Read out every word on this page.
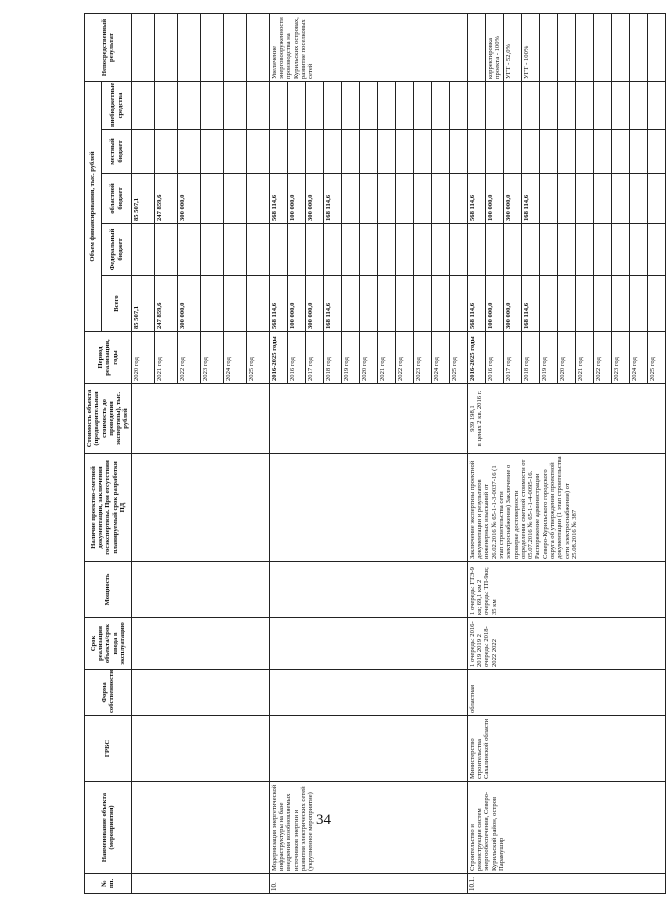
34
№ пп.	Наименование объекта (мероприятия)	ГРБС	Форма собственности	Срок реализации объекта/срок ввода в эксплуатацию	Мощность	Наличие проектно-сметной документации, заключения госэкспертизы. При отсутствии планируемый срок разработки ПД	Стоимость объекта (предварительная стоимость до проведения экспертизы), тыс. рублей	Период реализации, годы	Объем финансирования, тыс. рублей					Непосредственный результат
									Всего	Федеральный бюджет	областной бюджет	местный бюджет	внебюджетные средства	
								2020 год	85 507,1		85 507,1			
								2021 год	247 859,6		247 859,6			
								2022 год	300 000,0		300 000,0			
								2023 год						
								2024 год						
								2025 год						
10.	Модернизация энергетической инфраструктуры на базе внедрения возобновляемых источников энергии и развития электрических сетей (укрупненное мероприятие)							2016-2025 годы	568 114,6		568 114,6			Увеличение энерговооруженности производства на Курильских островах, развитие поселковых сетей
								2016 год	100 000,0		100 000,0			
								2017 год	300 000,0		300 000,0			
								2018 год	168 114,6		168 114,6			
								2019 год						
								2020 год						
								2021 год						
								2022 год						
								2023 год						
								2024 год						
								2025 год						
10.1.	Строительство и реконструкция систем энергообеспечения, Северо-Курильский район, остров Парамушир	Министерство строительства Сахалинской области	областная	1 очередь: 2016-2019 2019 2 очередь: 2018-2022 2022	1 очередь: ГТЭ-9 кв; 69,1 км 2 очередь: ТП-9кв; 35 км	Заключение экспертизы проектной документации и результатов инженерных изысканий от 26.02.2016 № 65-1-1-3-0037-16 (1 этап строительства сети электроснабжения) Заключение о проверке достоверности определения сметной стоимости от 05.07.2016 № 65-1-1-4-0095-16. Распоряжение администрации Северо-Курильского городского округа об утверждении проектной документации (1 этап строительства сети электроснабжения) от 25.08.2016 № 387	939 198,1 в ценах 2 кв. 2016 г.	2016-2025 годы	568 114,6		568 114,6			
								2016 год	100 000,0		100 000,0			корректировка проекта - 100%
								2017 год	300 000,0		300 000,0			УГТ - 52,0%
								2018 год	168 114,6		168 114,6			УГТ - 100%
								2019 год						
								2020 год						
								2021 год						
								2022 год						
								2023 год						
								2024 год						
								2025 год						
